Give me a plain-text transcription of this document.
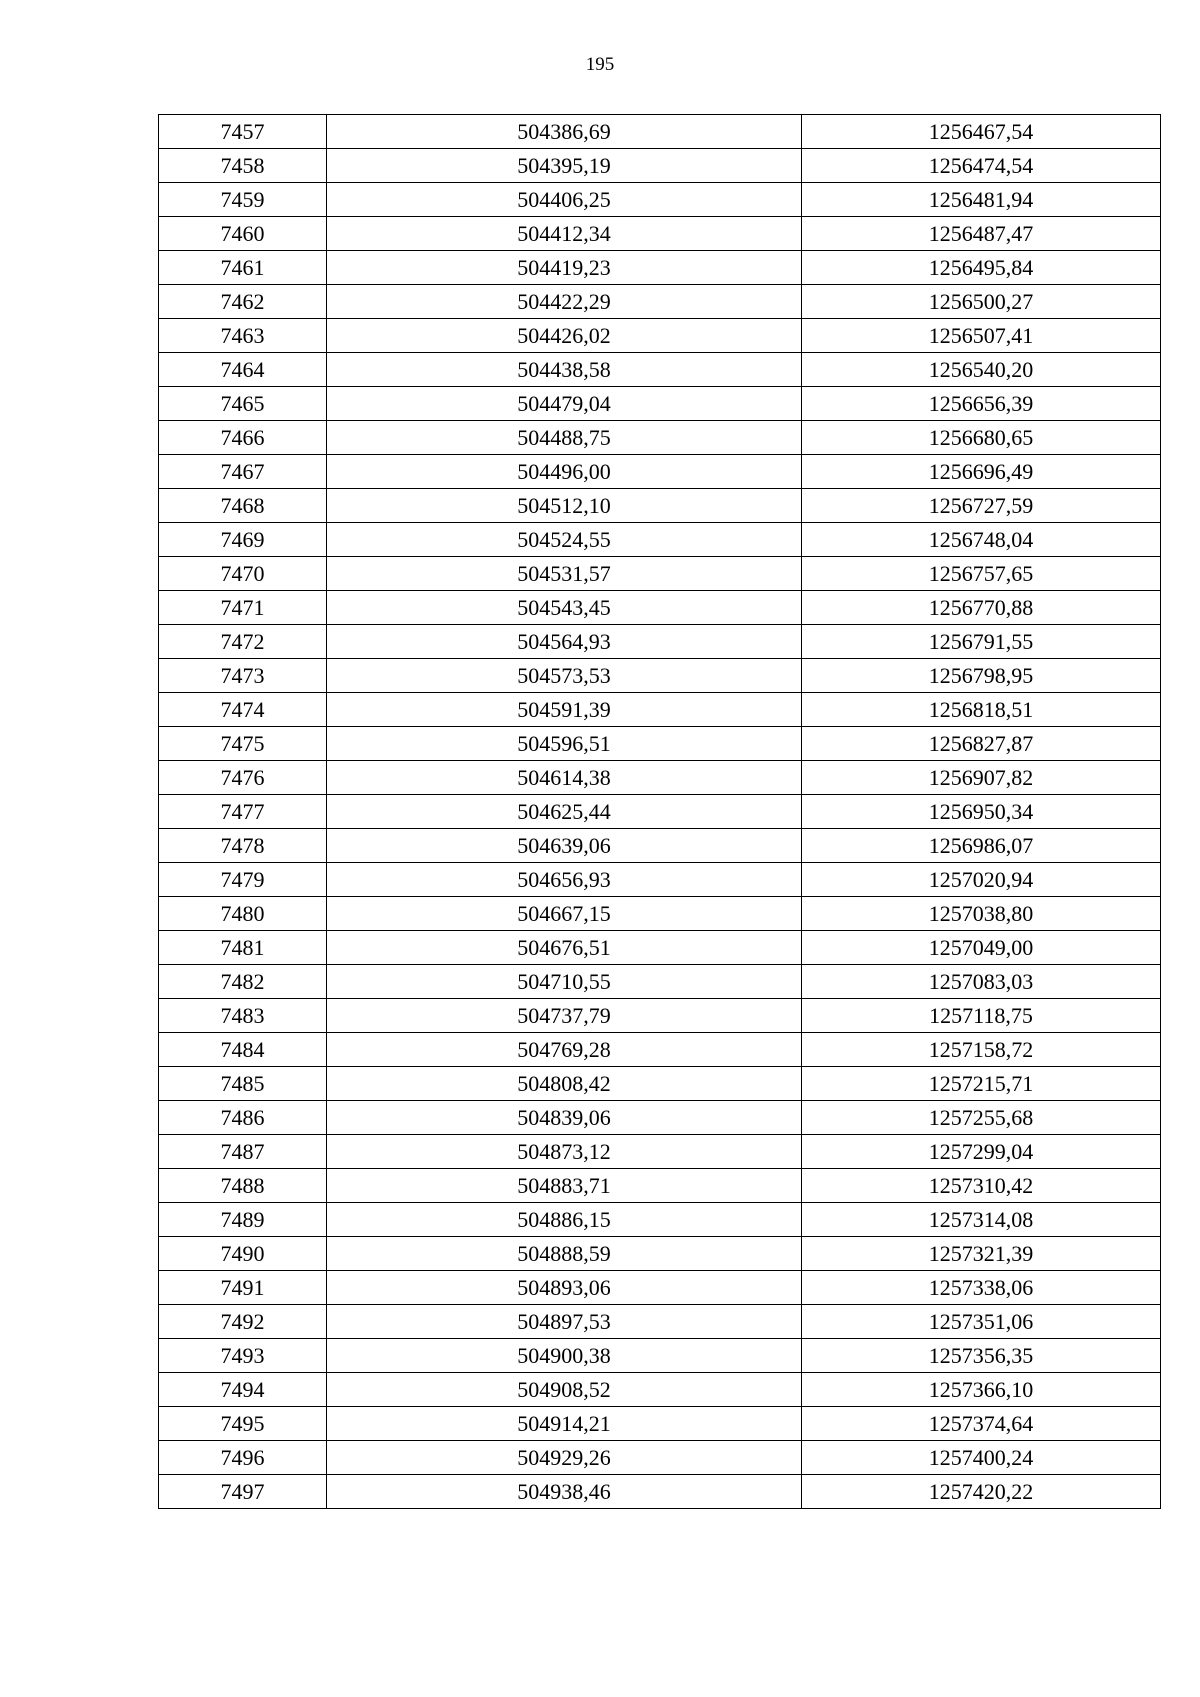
195
7457	504386,69	1256467,54
7458	504395,19	1256474,54
7459	504406,25	1256481,94
7460	504412,34	1256487,47
7461	504419,23	1256495,84
7462	504422,29	1256500,27
7463	504426,02	1256507,41
7464	504438,58	1256540,20
7465	504479,04	1256656,39
7466	504488,75	1256680,65
7467	504496,00	1256696,49
7468	504512,10	1256727,59
7469	504524,55	1256748,04
7470	504531,57	1256757,65
7471	504543,45	1256770,88
7472	504564,93	1256791,55
7473	504573,53	1256798,95
7474	504591,39	1256818,51
7475	504596,51	1256827,87
7476	504614,38	1256907,82
7477	504625,44	1256950,34
7478	504639,06	1256986,07
7479	504656,93	1257020,94
7480	504667,15	1257038,80
7481	504676,51	1257049,00
7482	504710,55	1257083,03
7483	504737,79	1257118,75
7484	504769,28	1257158,72
7485	504808,42	1257215,71
7486	504839,06	1257255,68
7487	504873,12	1257299,04
7488	504883,71	1257310,42
7489	504886,15	1257314,08
7490	504888,59	1257321,39
7491	504893,06	1257338,06
7492	504897,53	1257351,06
7493	504900,38	1257356,35
7494	504908,52	1257366,10
7495	504914,21	1257374,64
7496	504929,26	1257400,24
7497	504938,46	1257420,22
